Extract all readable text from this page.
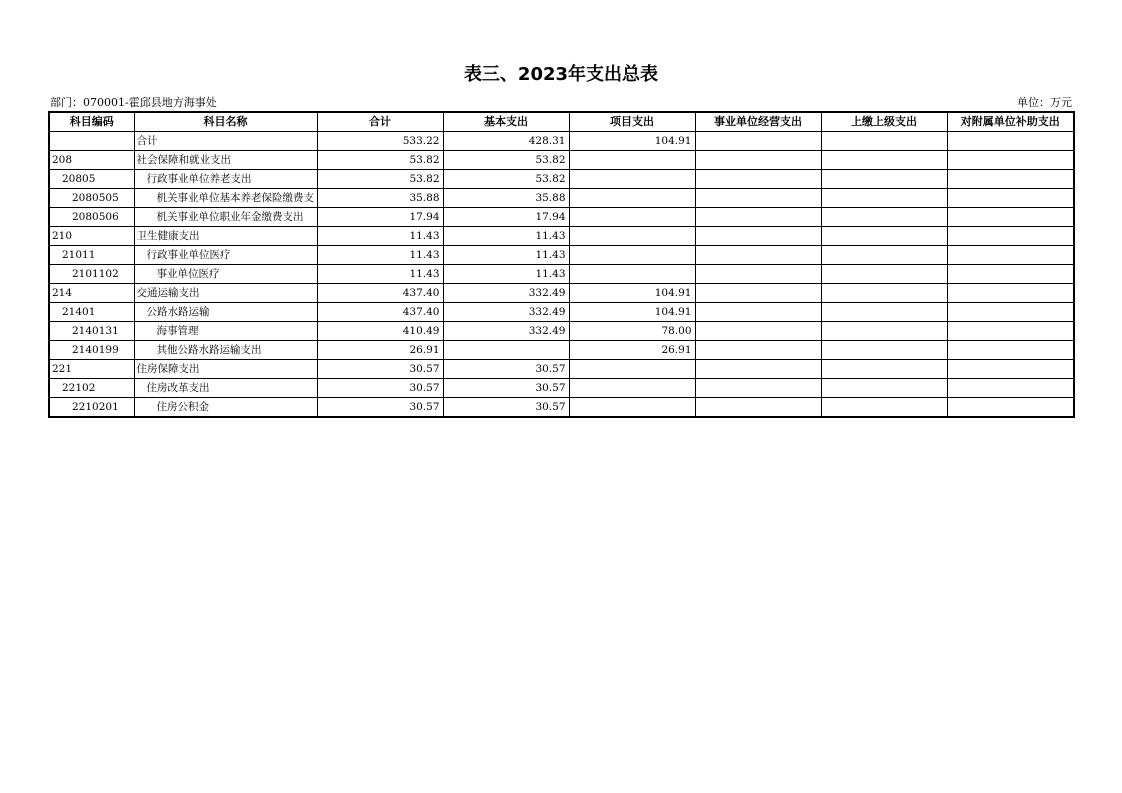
表三、2023年支出总表
部门：070001-霍邱县地方海事处	单位：万元
科目编码	科目名称	合计	基本支出	项目支出	事业单位经营支出	上缴上级支出	对附属单位补助支出
	合计	533.22	428.31	104.91			
208	社会保障和就业支出	53.82	53.82				
20805	行政事业单位养老支出	53.82	53.82				
2080505	机关事业单位基本养老保险缴费支	35.88	35.88				
2080506	机关事业单位职业年金缴费支出	17.94	17.94				
210	卫生健康支出	11.43	11.43				
21011	行政事业单位医疗	11.43	11.43				
2101102	事业单位医疗	11.43	11.43				
214	交通运输支出	437.40	332.49	104.91			
21401	公路水路运输	437.40	332.49	104.91			
2140131	海事管理	410.49	332.49	78.00			
2140199	其他公路水路运输支出	26.91		26.91			
221	住房保障支出	30.57	30.57				
22102	住房改革支出	30.57	30.57				
2210201	住房公积金	30.57	30.57				
